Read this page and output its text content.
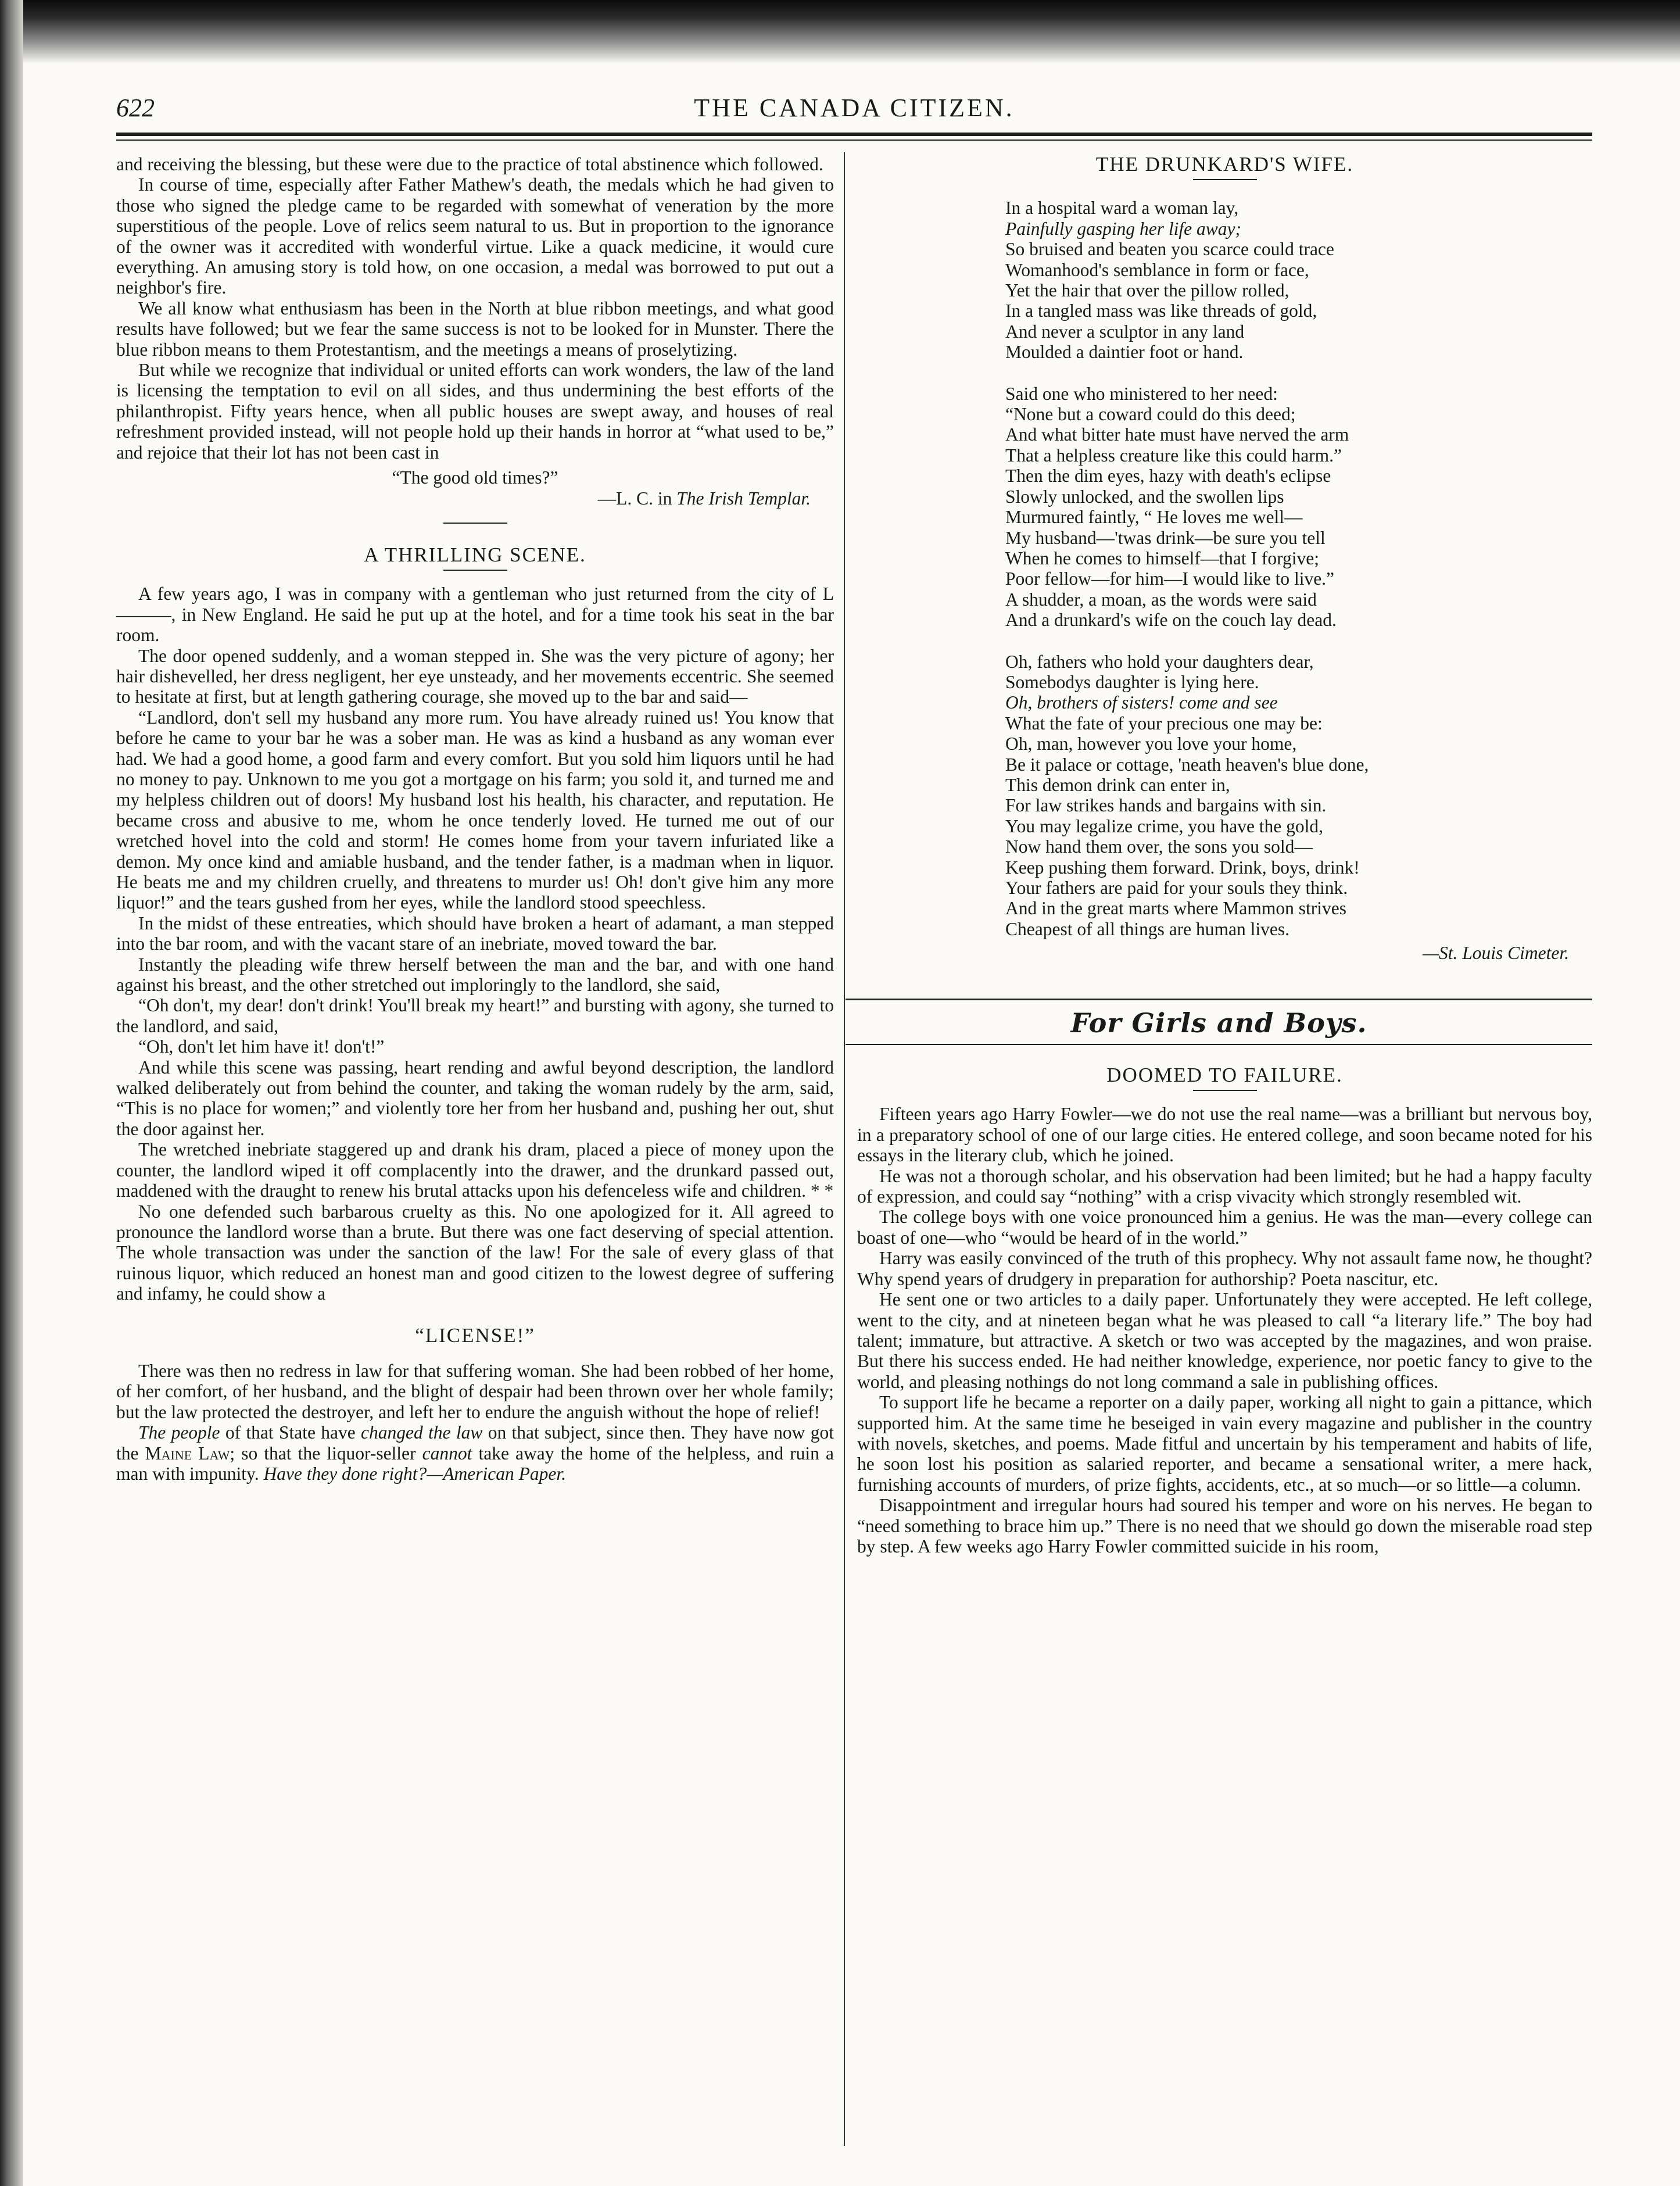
622	THE CANADA CITIZEN.

and receiving the blessing, but these were due to the practice of total abstinence which followed.

In course of time, especially after Father Mathew's death, the medals which he had given to those who signed the pledge came to be regarded with somewhat of veneration by the more superstitious of the people. Love of relics seem natural to us. But in proportion to the ignorance of the owner was it accredited with wonderful virtue. Like a quack medicine, it would cure everything. An amusing story is told how, on one occasion, a medal was borrowed to put out a neighbor's fire.

We all know what enthusiasm has been in the North at blue ribbon meetings, and what good results have followed; but we fear the same success is not to be looked for in Munster. There the blue ribbon means to them Protestantism, and the meetings a means of proselytizing.

But while we recognize that individual or united efforts can work wonders, the law of the land is licensing the temptation to evil on all sides, and thus undermining the best efforts of the philanthropist. Fifty years hence, when all public houses are swept away, and houses of real refreshment provided instead, will not people hold up their hands in horror at “what used to be,” and rejoice that their lot has not been cast in

“The good old times?”

—L. C. in The Irish Templar.

A THRILLING SCENE.

A few years ago, I was in company with a gentleman who just returned from the city of L———, in New England. He said he put up at the hotel, and for a time took his seat in the bar room.

The door opened suddenly, and a woman stepped in. She was the very picture of agony; her hair dishevelled, her dress negligent, her eye unsteady, and her movements eccentric. She seemed to hesitate at first, but at length gathering courage, she moved up to the bar and said—

“Landlord, don't sell my husband any more rum. You have already ruined us! You know that before he came to your bar he was a sober man. He was as kind a husband as any woman ever had. We had a good home, a good farm and every comfort. But you sold him liquors until he had no money to pay. Unknown to me you got a mortgage on his farm; you sold it, and turned me and my helpless children out of doors! My husband lost his health, his character, and reputation. He became cross and abusive to me, whom he once tenderly loved. He turned me out of our wretched hovel into the cold and storm! He comes home from your tavern infuriated like a demon. My once kind and amiable husband, and the tender father, is a madman when in liquor. He beats me and my children cruelly, and threatens to murder us! Oh! don't give him any more liquor!” and the tears gushed from her eyes, while the landlord stood speechless.

In the midst of these entreaties, which should have broken a heart of adamant, a man stepped into the bar room, and with the vacant stare of an inebriate, moved toward the bar.

Instantly the pleading wife threw herself between the man and the bar, and with one hand against his breast, and the other stretched out imploringly to the landlord, she said,

“Oh don't, my dear! don't drink! You'll break my heart!” and bursting with agony, she turned to the landlord, and said,

“Oh, don't let him have it! don't!”

And while this scene was passing, heart rending and awful beyond description, the landlord walked deliberately out from behind the counter, and taking the woman rudely by the arm, said, “This is no place for women;” and violently tore her from her husband and, pushing her out, shut the door against her.

The wretched inebriate staggered up and drank his dram, placed a piece of money upon the counter, the landlord wiped it off complacently into the drawer, and the drunkard passed out, maddened with the draught to renew his brutal attacks upon his defenceless wife and children. * *

No one defended such barbarous cruelty as this. No one apologized for it. All agreed to pronounce the landlord worse than a brute. But there was one fact deserving of special attention. The whole transaction was under the sanction of the law! For the sale of every glass of that ruinous liquor, which reduced an honest man and good citizen to the lowest degree of suffering and infamy, he could show a

“LICENSE!”

There was then no redress in law for that suffering woman. She had been robbed of her home, of her comfort, of her husband, and the blight of despair had been thrown over her whole family; but the law protected the destroyer, and left her to endure the anguish without the hope of relief!

The people of that State have changed the law on that subject, since then. They have now got the Maine Law; so that the liquor-seller cannot take away the home of the helpless, and ruin a man with impunity. Have they done right?—American Paper.

THE DRUNKARD'S WIFE.
In a hospital ward a woman lay,
Painfully gasping her life away;
So bruised and beaten you scarce could trace
Womanhood's semblance in form or face,
Yet the hair that over the pillow rolled,
In a tangled mass was like threads of gold,
And never a sculptor in any land
Moulded a daintier foot or hand.
Said one who ministered to her need:
“None but a coward could do this deed;
And what bitter hate must have nerved the arm
That a helpless creature like this could harm.”
Then the dim eyes, hazy with death's eclipse
Slowly unlocked, and the swollen lips
Murmured faintly, “ He loves me well—
My husband—'twas drink—be sure you tell
When he comes to himself—that I forgive;
Poor fellow—for him—I would like to live.”
A shudder, a moan, as the words were said
And a drunkard's wife on the couch lay dead.
Oh, fathers who hold your daughters dear,
Somebodys daughter is lying here.
Oh, brothers of sisters! come and see
What the fate of your precious one may be:
Oh, man, however you love your home,
Be it palace or cottage, 'neath heaven's blue done,
This demon drink can enter in,
For law strikes hands and bargains with sin.
You may legalize crime, you have the gold,
Now hand them over, the sons you sold—
Keep pushing them forward. Drink, boys, drink!
Your fathers are paid for your souls they think.
And in the great marts where Mammon strives
Cheapest of all things are human lives.

—St. Louis Cimeter.

For Girls and Boys.
DOOMED TO FAILURE.

Fifteen years ago Harry Fowler—we do not use the real name—was a brilliant but nervous boy, in a preparatory school of one of our large cities. He entered college, and soon became noted for his essays in the literary club, which he joined.

He was not a thorough scholar, and his observation had been limited; but he had a happy faculty of expression, and could say “nothing” with a crisp vivacity which strongly resembled wit.

The college boys with one voice pronounced him a genius. He was the man—every college can boast of one—who “would be heard of in the world.”

Harry was easily convinced of the truth of this prophecy. Why not assault fame now, he thought? Why spend years of drudgery in preparation for authorship? Poeta nascitur, etc.

He sent one or two articles to a daily paper. Unfortunately they were accepted. He left college, went to the city, and at nineteen began what he was pleased to call “a literary life.” The boy had talent; immature, but attractive. A sketch or two was accepted by the magazines, and won praise. But there his success ended. He had neither knowledge, experience, nor poetic fancy to give to the world, and pleasing nothings do not long command a sale in publishing offices.

To support life he became a reporter on a daily paper, working all night to gain a pittance, which supported him. At the same time he beseiged in vain every magazine and publisher in the country with novels, sketches, and poems. Made fitful and uncertain by his temperament and habits of life, he soon lost his position as salaried reporter, and became a sensational writer, a mere hack, furnishing accounts of murders, of prize fights, accidents, etc., at so much—or so little—a column.

Disappointment and irregular hours had soured his temper and wore on his nerves. He began to “need something to brace him up.” There is no need that we should go down the miserable road step by step. A few weeks ago Harry Fowler committed suicide in his room,
